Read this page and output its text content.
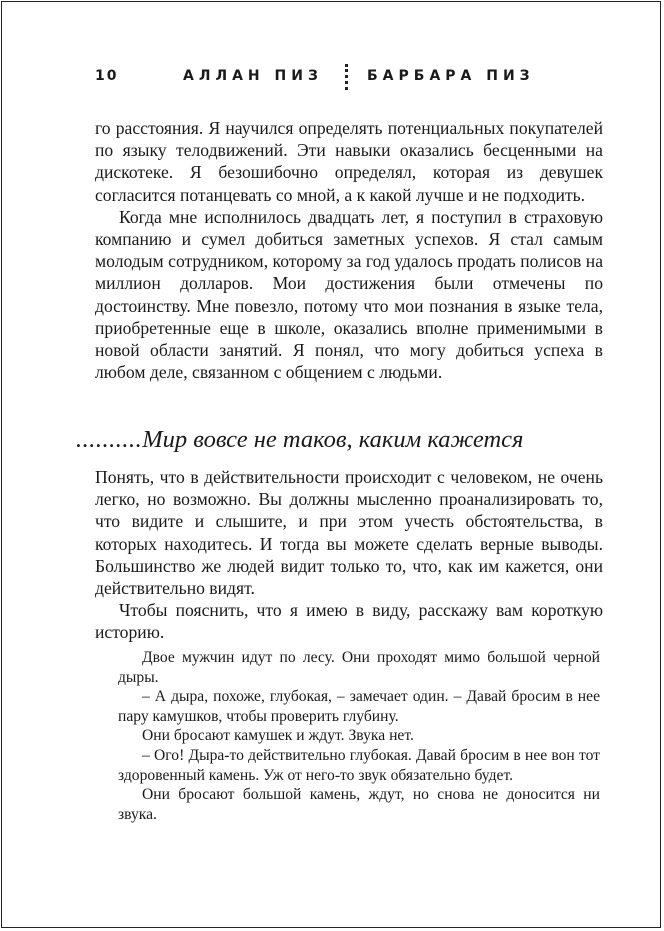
10	АЛЛАН ПИЗ	БАРБАРА ПИЗ

го расстояния. Я научился определять потенциальных покупателей по языку телодвижений. Эти навыки оказались бесценными на дискотеке. Я безошибочно определял, которая из девушек согласится потанцевать со мной, а к какой лучше и не подходить.

Когда мне исполнилось двадцать лет, я поступил в страховую компанию и сумел добиться заметных успехов. Я стал самым молодым сотрудником, которому за год удалось продать полисов на миллион долларов. Мои достижения были отмечены по достоинству. Мне повезло, потому что мои познания в языке тела, приобретенные еще в школе, оказались вполне применимыми в новой области занятий. Я понял, что могу добиться успеха в любом деле, связанном с общением с людьми.

..........Мир вовсе не таков, каким кажется

Понять, что в действительности происходит с человеком, не очень легко, но возможно. Вы должны мысленно проанализировать то, что видите и слышите, и при этом учесть обстоятельства, в которых находитесь. И тогда вы можете сделать верные выводы. Большинство же людей видит только то, что, как им кажется, они действительно видят.

Чтобы пояснить, что я имею в виду, расскажу вам короткую историю.

Двое мужчин идут по лесу. Они проходят мимо большой черной дыры.

– А дыра, похоже, глубокая, – замечает один. – Давай бросим в нее пару камушков, чтобы проверить глубину.

Они бросают камушек и ждут. Звука нет.

– Ого! Дыра-то действительно глубокая. Давай бросим в нее вон тот здоровенный камень. Уж от него-то звук обязательно будет.

Они бросают большой камень, ждут, но снова не доносится ни звука.
